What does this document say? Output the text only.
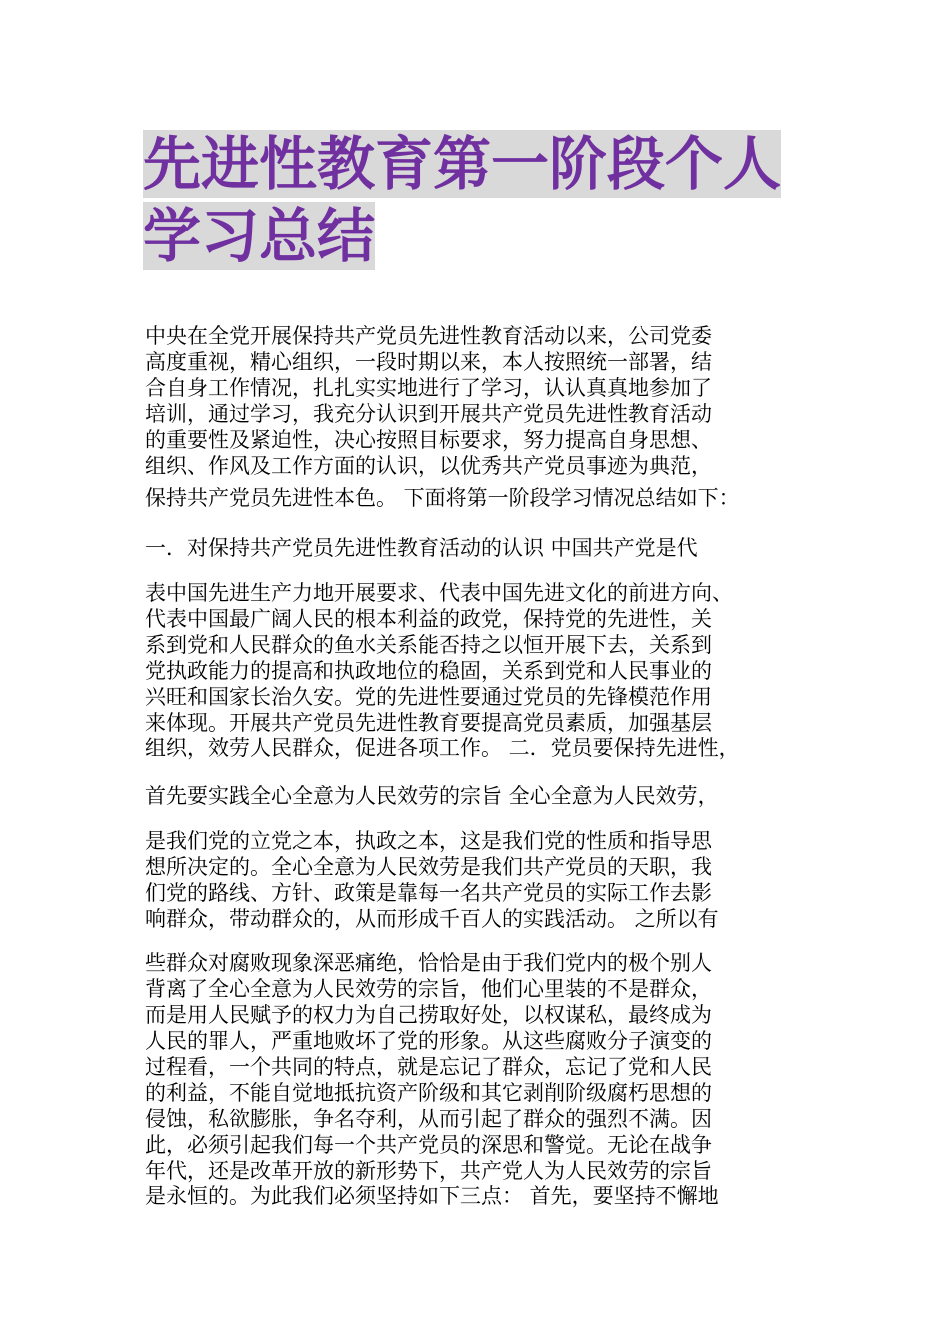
先进性教育第一阶段个人
学习总结
中央在全党开展保持共产党员先进性教育活动以来，公司党委
高度重视，精心组织，一段时期以来，本人按照统一部署，结
合自身工作情况，扎扎实实地进行了学习，认认真真地参加了
培训，通过学习，我充分认识到开展共产党员先进性教育活动
的重要性及紧迫性，决心按照目标要求，努力提高自身思想、
组织、作风及工作方面的认识，以优秀共产党员事迹为典范，
保持共产党员先进性本色。 下面将第一阶段学习情况总结如下：
一．对保持共产党员先进性教育活动的认识 中国共产党是代
表中国先进生产力地开展要求、代表中国先进文化的前进方向、
代表中国最广阔人民的根本利益的政党，保持党的先进性，关
系到党和人民群众的鱼水关系能否持之以恒开展下去，关系到
党执政能力的提高和执政地位的稳固，关系到党和人民事业的
兴旺和国家长治久安。党的先进性要通过党员的先锋模范作用
来体现。开展共产党员先进性教育要提高党员素质，加强基层
组织，效劳人民群众，促进各项工作。 二．党员要保持先进性，
首先要实践全心全意为人民效劳的宗旨 全心全意为人民效劳，
是我们党的立党之本，执政之本，这是我们党的性质和指导思
想所决定的。全心全意为人民效劳是我们共产党员的天职，我
们党的路线、方针、政策是靠每一名共产党员的实际工作去影
响群众，带动群众的，从而形成千百人的实践活动。 之所以有
些群众对腐败现象深恶痛绝，恰恰是由于我们党内的极个别人
背离了全心全意为人民效劳的宗旨，他们心里装的不是群众，
而是用人民赋予的权力为自己捞取好处，以权谋私，最终成为
人民的罪人，严重地败坏了党的形象。从这些腐败分子演变的
过程看，一个共同的特点，就是忘记了群众，忘记了党和人民
的利益，不能自觉地抵抗资产阶级和其它剥削阶级腐朽思想的
侵蚀，私欲膨胀，争名夺利，从而引起了群众的强烈不满。因
此，必须引起我们每一个共产党员的深思和警觉。无论在战争
年代，还是改革开放的新形势下，共产党人为人民效劳的宗旨
是永恒的。为此我们必须坚持如下三点： 首先，要坚持不懈地
